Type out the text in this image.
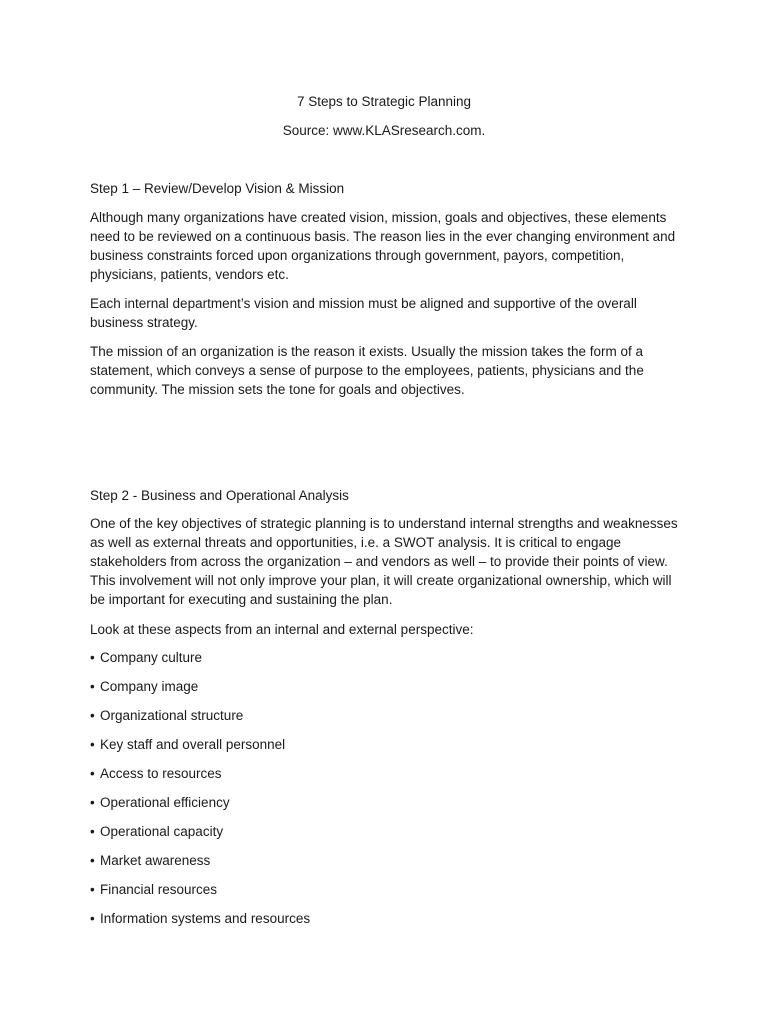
7 Steps to Strategic Planning
Source: www.KLASresearch.com.
Step 1 – Review/Develop Vision & Mission

Although many organizations have created vision, mission, goals and objectives, these elements need to be reviewed on a continuous basis. The reason lies in the ever changing environment and business constraints forced upon organizations through government, payors, competition, physicians, patients, vendors etc.

Each internal department’s vision and mission must be aligned and supportive of the overall business strategy.

The mission of an organization is the reason it exists. Usually the mission takes the form of a statement, which conveys a sense of purpose to the employees, patients, physicians and the community. The mission sets the tone for goals and objectives.

Step 2 - Business and Operational Analysis

One of the key objectives of strategic planning is to understand internal strengths and weaknesses as well as external threats and opportunities, i.e. a SWOT analysis. It is critical to engage stakeholders from across the organization – and vendors as well – to provide their points of view. This involvement will not only improve your plan, it will create organizational ownership, which will be important for executing and sustaining the plan.

Look at these aspects from an internal and external perspective:

• Company culture
• Company image
• Organizational structure
• Key staff and overall personnel
• Access to resources
• Operational efficiency
• Operational capacity
• Market awareness
• Financial resources
• Information systems and resources
